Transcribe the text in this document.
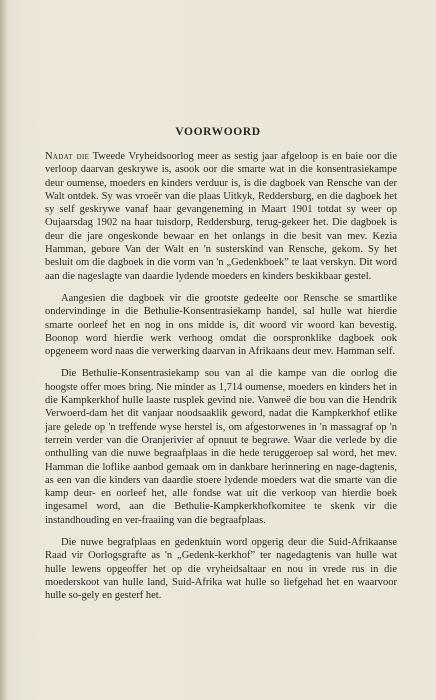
VOORWOORD

Nadat die Tweede Vryheidsoorlog meer as sestig jaar afgeloop is en baie oor die verloop daarvan geskrywe is, asook oor die smarte wat in die konsentrasiekampe deur oumense, moeders en kinders verduur is, is die dagboek van Rensche van der Walt ontdek. Sy was vroeër van die plaas Uitkyk, Reddersburg, en die dagboek het sy self geskrywe vanaf haar gevangeneming in Maart 1901 totdat sy weer op Oujaarsdag 1902 na haar tuisdorp, Reddersburg, terug-gekeer het. Die dagboek is deur die jare ongeskonde bewaar en het onlangs in die besit van mev. Kezia Hamman, gebore Van der Walt en 'n susterskind van Rensche, gekom. Sy het besluit om die dagboek in die vorm van 'n „Gedenkboek” te laat verskyn. Dit word aan die nageslagte van daardie lydende moeders en kinders beskikbaar gestel.

Aangesien die dagboek vir die grootste gedeelte oor Rensche se smartlike ondervindinge in die Bethulie-Konsentrasiekamp handel, sal hulle wat hierdie smarte oorleef het en nog in ons midde is, dit woord vir woord kan bevestig. Boonop word hierdie werk verhoog omdat die oorspronklike dagboek ook opgeneem word naas die verwerking daarvan in Afrikaans deur mev. Hamman self.

Die Bethulie-Konsentrasiekamp sou van al die kampe van die oorlog die hoogste offer moes bring. Nie minder as 1,714 oumense, moeders en kinders het in die Kampkerkhof hulle laaste rusplek gevind nie. Vanweë die bou van die Hendrik Verwoerd-dam het dit vanjaar noodsaaklik geword, nadat die Kampkerkhof etlike jare gelede op 'n treffende wyse herstel is, om afgestorwenes in 'n massagraf op 'n terrein verder van die Oranjerivier af opnuut te begrawe. Waar die verlede by die onthulling van die nuwe begraafplaas in die hede teruggeroep sal word, het mev. Hamman die loflike aanbod gemaak om in dankbare herinnering en nage-dagtenis, as een van die kinders van daardie stoere lydende moeders wat die smarte van die kamp deur- en oorleef het, alle fondse wat uit die verkoop van hierdie boek ingesamel word, aan die Bethulie-Kampkerkhofkomitee te skenk vir die instandhouding en ver-fraaiing van die begraafplaas.

Die nuwe begrafplaas en gedenktuin word opgerig deur die Suid-Afrikaanse Raad vir Oorlogsgrafte as 'n „Gedenk-kerkhof” ter nagedagtenis van hulle wat hulle lewens opgeoffer het op die vryheidsaltaar en nou in vrede rus in die moederskoot van hulle land, Suid-Afrika wat hulle so liefgehad het en waarvoor hulle so-gely en gesterf het.
